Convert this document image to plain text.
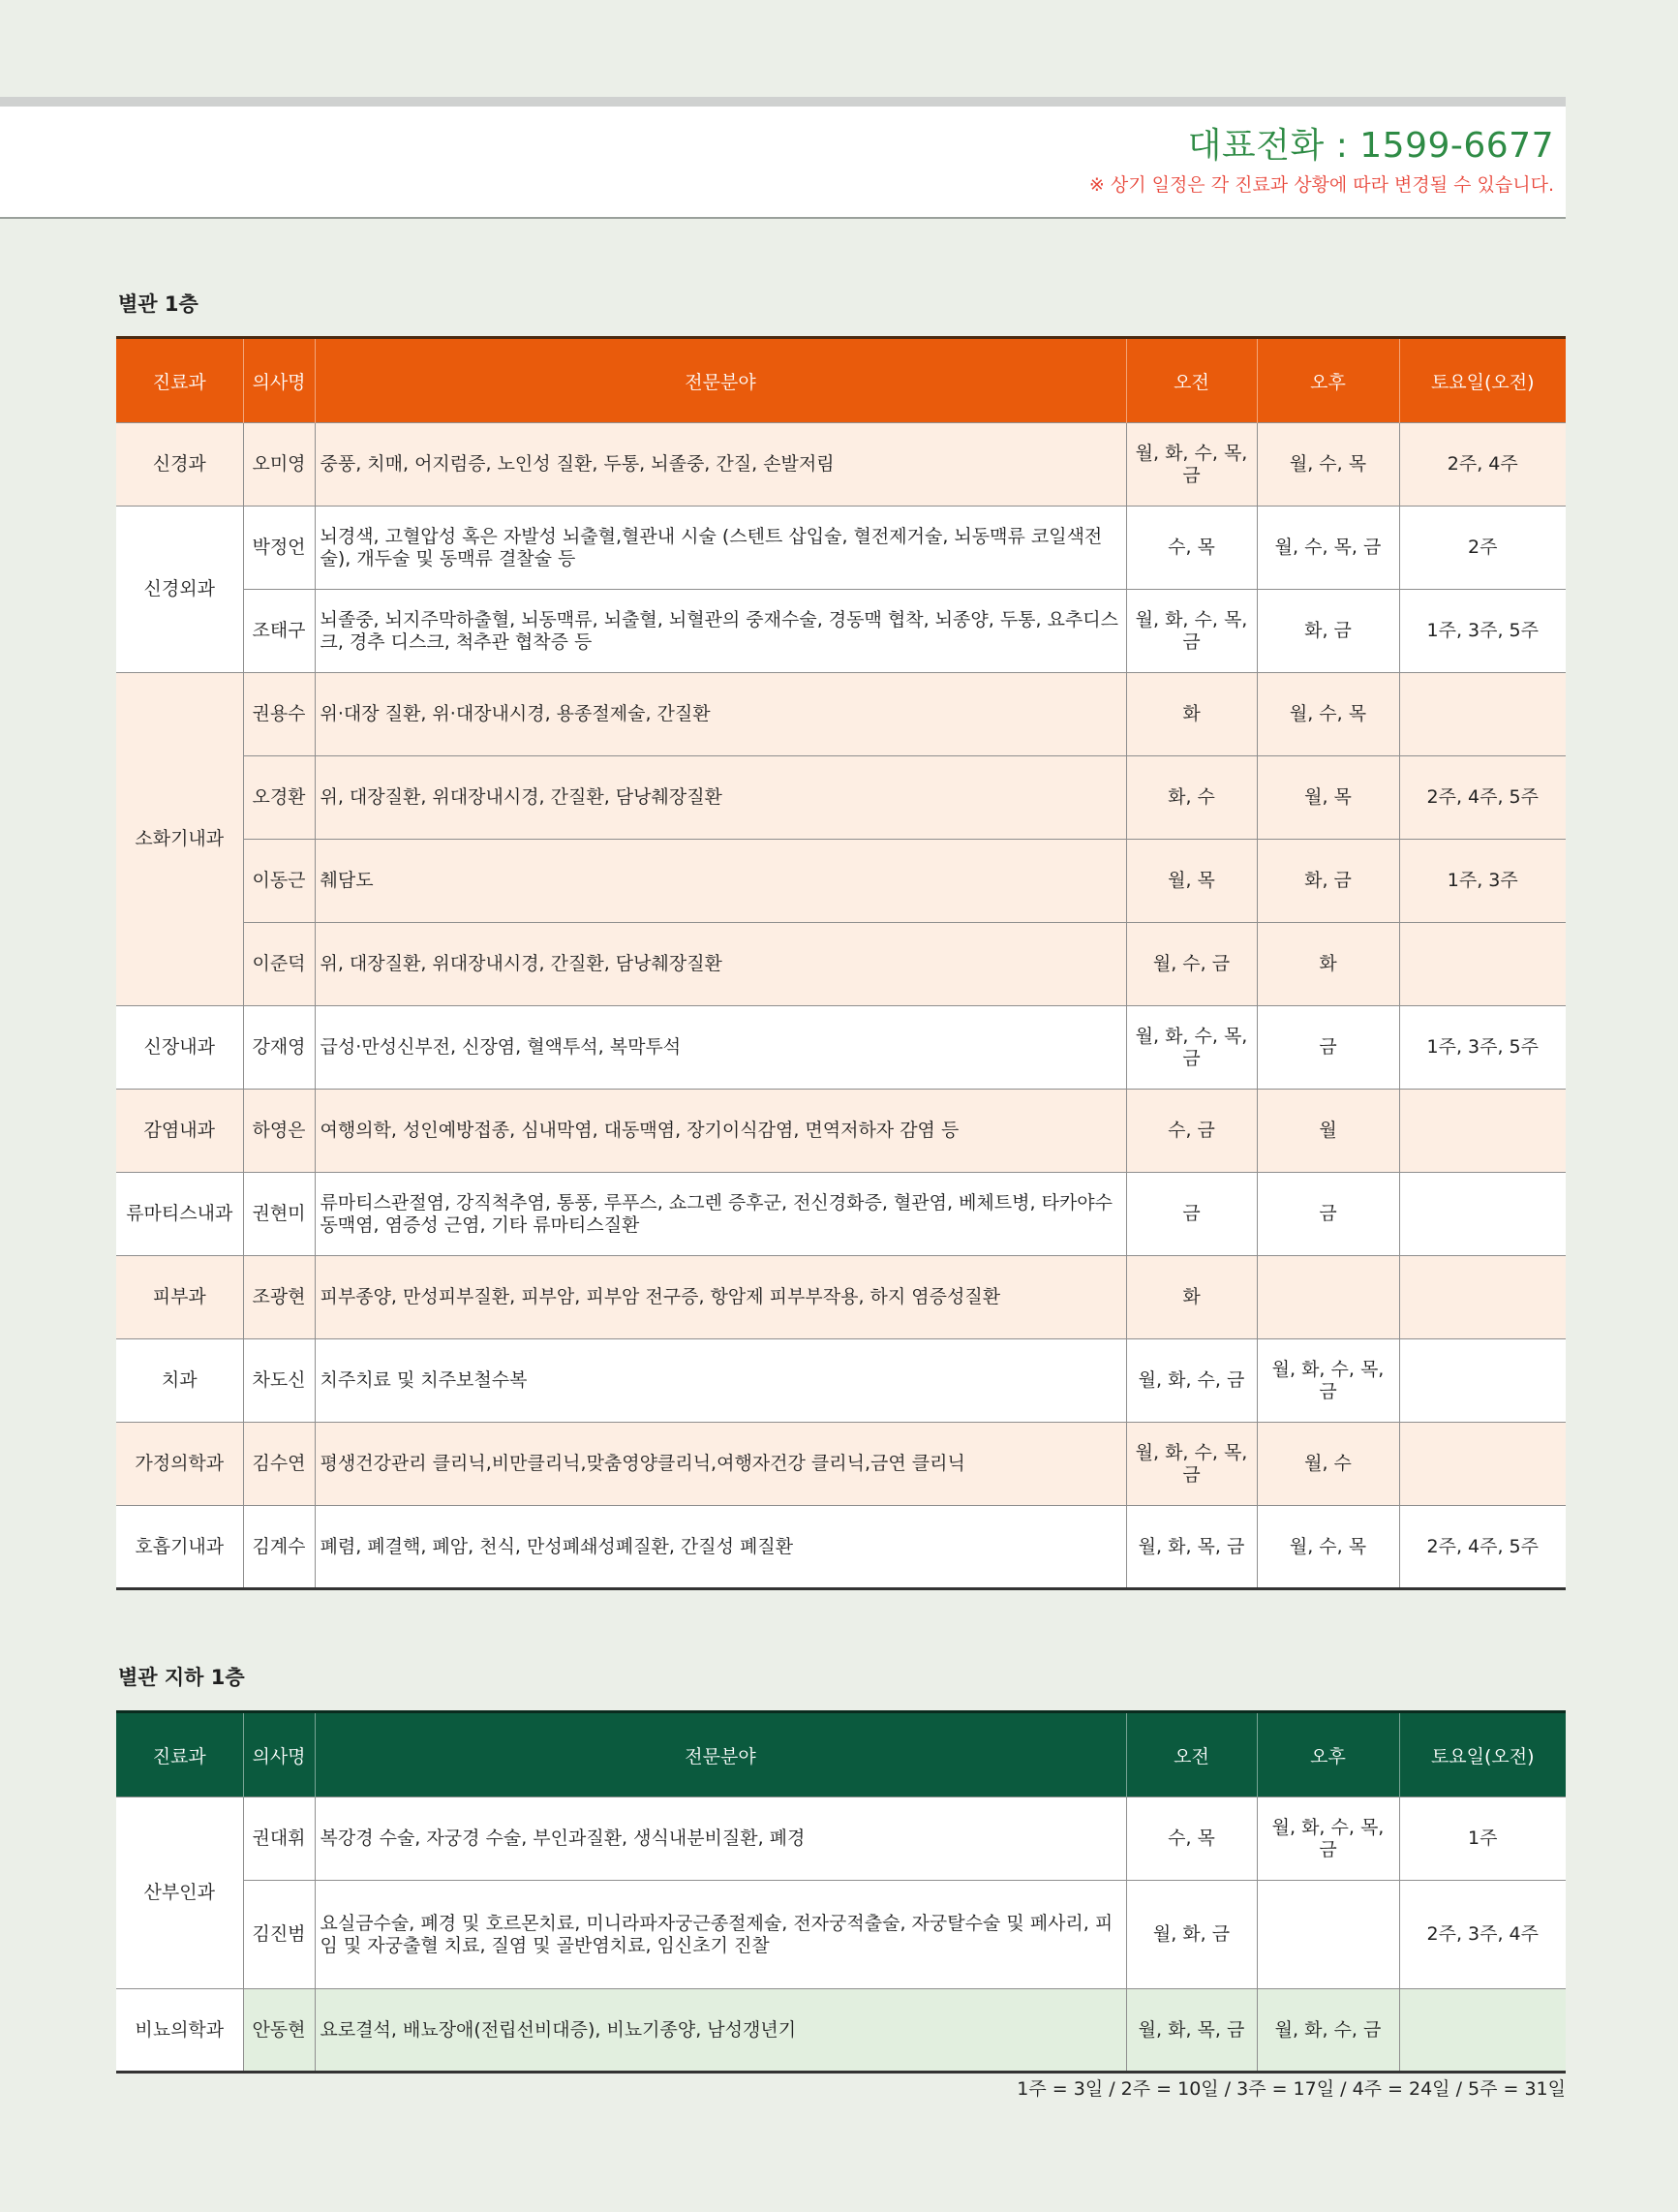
대표전화 : 1599-6677
※ 상기 일정은 각 진료과 상황에 따라 변경될 수 있습니다.
별관 1층
진료과	의사명	전문분야	오전	오후	토요일(오전)
신경과	오미영	중풍, 치매, 어지럼증, 노인성 질환, 두통, 뇌졸중, 간질, 손발저림	월, 화, 수, 목, 금	월, 수, 목	2주, 4주
신경외과	박정언	뇌경색, 고혈압성 혹은 자발성 뇌출혈,혈관내 시술 (스텐트 삽입술, 혈전제거술, 뇌동맥류 코일색전술), 개두술 및 동맥류 결찰술 등	수, 목	월, 수, 목, 금	2주
	조태구	뇌졸중, 뇌지주막하출혈, 뇌동맥류, 뇌출혈, 뇌혈관의 중재수술, 경동맥 협착, 뇌종양, 두통, 요추디스크, 경추 디스크, 척추관 협착증 등	월, 화, 수, 목, 금	화, 금	1주, 3주, 5주
소화기내과	권용수	위·대장 질환, 위·대장내시경, 용종절제술, 간질환	화	월, 수, 목	
	오경환	위, 대장질환, 위대장내시경, 간질환, 담낭췌장질환	화, 수	월, 목	2주, 4주, 5주
	이동근	췌담도	월, 목	화, 금	1주, 3주
	이준덕	위, 대장질환, 위대장내시경, 간질환, 담낭췌장질환	월, 수, 금	화	
신장내과	강재영	급성·만성신부전, 신장염, 혈액투석, 복막투석	월, 화, 수, 목, 금	금	1주, 3주, 5주
감염내과	하영은	여행의학, 성인예방접종, 심내막염, 대동맥염, 장기이식감염, 면역저하자 감염 등	수, 금	월	
류마티스내과	권현미	류마티스관절염, 강직척추염, 통풍, 루푸스, 쇼그렌 증후군, 전신경화증, 혈관염, 베체트병, 타카야수 동맥염, 염증성 근염, 기타 류마티스질환	금	금	
피부과	조광현	피부종양, 만성피부질환, 피부암, 피부암 전구증, 항암제 피부부작용, 하지 염증성질환	화		
치과	차도신	치주치료 및 치주보철수복	월, 화, 수, 금	월, 화, 수, 목, 금	
가정의학과	김수연	평생건강관리 클리닉,비만클리닉,맞춤영양클리닉,여행자건강 클리닉,금연 클리닉	월, 화, 수, 목, 금	월, 수	
호흡기내과	김계수	폐렴, 폐결핵, 폐암, 천식, 만성폐쇄성폐질환, 간질성 폐질환	월, 화, 목, 금	월, 수, 목	2주, 4주, 5주
별관 지하 1층
진료과	의사명	전문분야	오전	오후	토요일(오전)
산부인과	권대휘	복강경 수술, 자궁경 수술, 부인과질환, 생식내분비질환, 폐경	수, 목	월, 화, 수, 목, 금	1주
	김진범	요실금수술, 폐경 및 호르몬치료, 미니라파자궁근종절제술, 전자궁적출술, 자궁탈수술 및 페사리, 피임 및 자궁출혈 치료, 질염 및 골반염치료, 임신초기 진찰	월, 화, 금		2주, 3주, 4주
비뇨의학과	안동현	요로결석, 배뇨장애(전립선비대증), 비뇨기종양, 남성갱년기	월, 화, 목, 금	월, 화, 수, 금	
1주 = 3일 / 2주 = 10일 / 3주 = 17일 / 4주 = 24일 / 5주 = 31일
